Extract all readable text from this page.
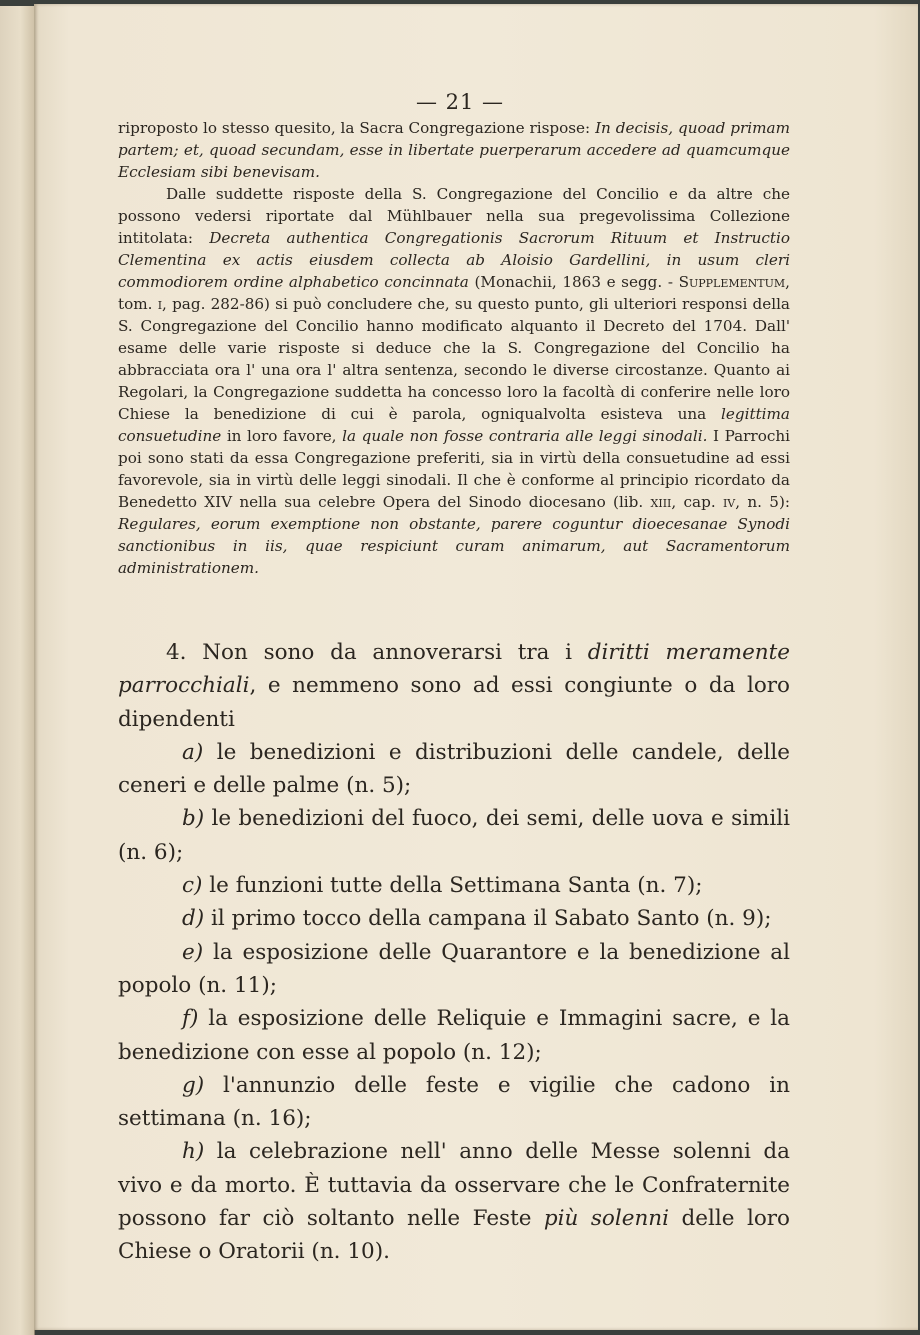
— 21 —

riproposto lo stesso quesito, la Sacra Congregazione rispose: In decisis, quoad primam partem; et, quoad secundam, esse in libertate puerperarum accedere ad quamcumque Ecclesiam sibi benevisam.

Dalle suddette risposte della S. Congregazione del Concilio e da altre che possono vedersi riportate dal Mühlbauer nella sua pregevolissima Collezione intitolata: Decreta authentica Congregationis Sacrorum Rituum et Instructio Clementina ex actis eiusdem collecta ab Aloisio Gardellini, in usum cleri commodiorem ordine alphabetico concinnata (Monachii, 1863 e segg. - Supplementum, tom. i, pag. 282-86) si può concludere che, su questo punto, gli ulteriori responsi della S. Congregazione del Concilio hanno modificato alquanto il Decreto del 1704. Dall' esame delle varie risposte si deduce che la S. Congregazione del Concilio ha abbracciata ora l' una ora l' altra sentenza, secondo le diverse circostanze. Quanto ai Regolari, la Congregazione suddetta ha concesso loro la facoltà di conferire nelle loro Chiese la benedizione di cui è parola, ogniqualvolta esisteva una legittima consuetudine in loro favore, la quale non fosse contraria alle leggi sinodali. I Parrochi poi sono stati da essa Congregazione preferiti, sia in virtù della consuetudine ad essi favorevole, sia in virtù delle leggi sinodali. Il che è conforme al principio ricordato da Benedetto XIV nella sua celebre Opera del Sinodo diocesano (lib. xiii, cap. iv, n. 5): Regulares, eorum exemptione non obstante, parere coguntur dioecesanae Synodi sanctionibus in iis, quae respiciunt curam animarum, aut Sacramentorum administrationem.

4. Non sono da annoverarsi tra i diritti meramente parrocchiali, e nemmeno sono ad essi congiunte o da loro dipendenti

a) le benedizioni e distribuzioni delle candele, delle ceneri e delle palme (n. 5);

b) le benedizioni del fuoco, dei semi, delle uova e simili (n. 6);

c) le funzioni tutte della Settimana Santa (n. 7);

d) il primo tocco della campana il Sabato Santo (n. 9);

e) la esposizione delle Quarantore e la benedizione al popolo (n. 11);

f) la esposizione delle Reliquie e Immagini sacre, e la benedizione con esse al popolo (n. 12);

g) l'annunzio delle feste e vigilie che cadono in settimana (n. 16);

h) la celebrazione nell' anno delle Messe solenni da vivo e da morto. È tuttavia da osservare che le Confraternite possono far ciò soltanto nelle Feste più solenni delle loro Chiese o Oratorii (n. 10).
